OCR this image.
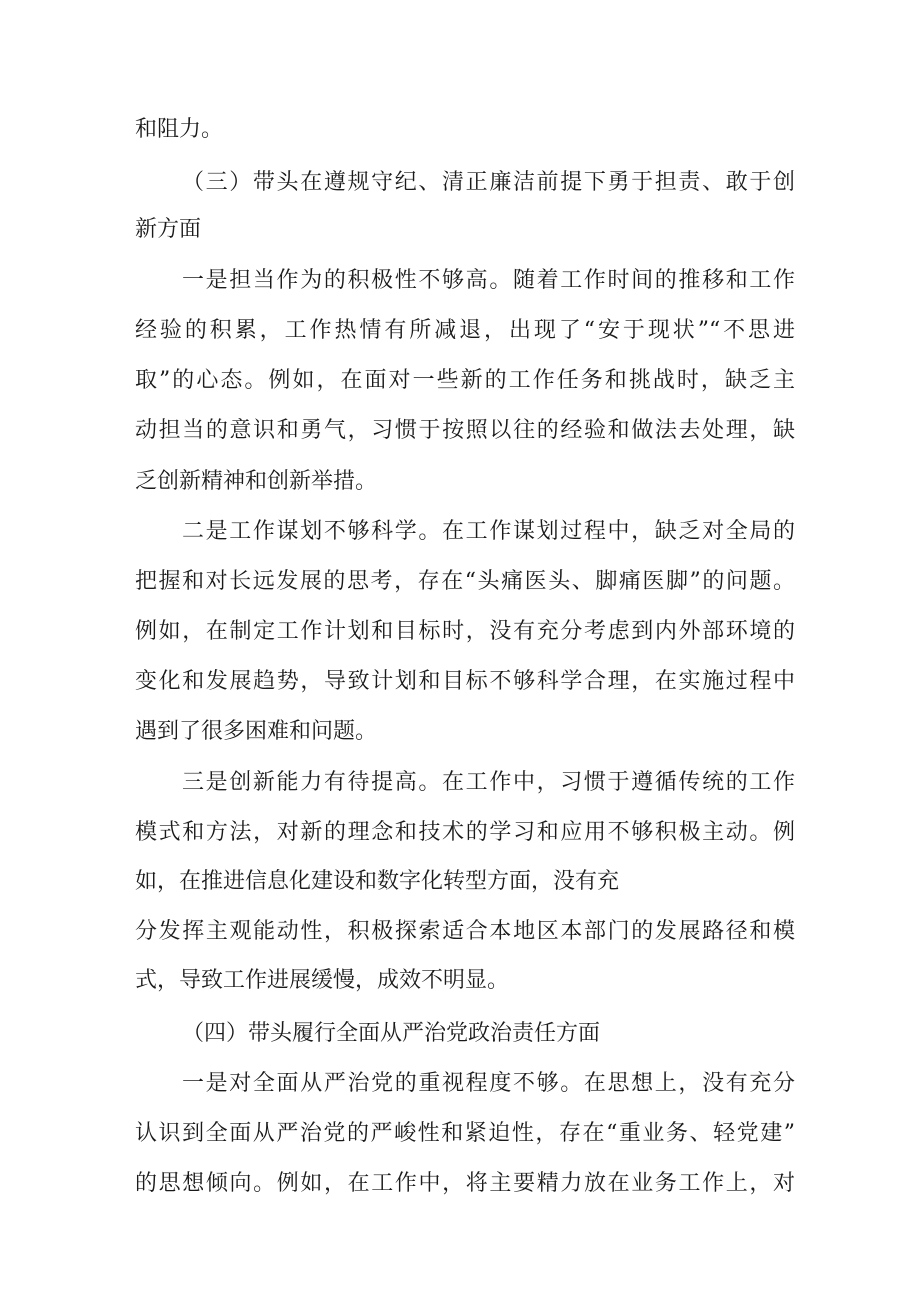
和阻力。
（三）带头在遵规守纪、清正廉洁前提下勇于担责、敢于创
新方面
一是担当作为的积极性不够高。随着工作时间的推移和工作
经验的积累，工作热情有所减退，出现了“安于现状”“不思进
取”的心态。例如，在面对一些新的工作任务和挑战时，缺乏主
动担当的意识和勇气，习惯于按照以往的经验和做法去处理，缺
乏创新精神和创新举措。
二是工作谋划不够科学。在工作谋划过程中，缺乏对全局的
把握和对长远发展的思考，存在“头痛医头、脚痛医脚”的问题。
例如，在制定工作计划和目标时，没有充分考虑到内外部环境的
变化和发展趋势，导致计划和目标不够科学合理，在实施过程中
遇到了很多困难和问题。
三是创新能力有待提高。在工作中，习惯于遵循传统的工作
模式和方法，对新的理念和技术的学习和应用不够积极主动。例
如，在推进信息化建设和数字化转型方面，没有充
分发挥主观能动性，积极探索适合本地区本部门的发展路径和模
式，导致工作进展缓慢，成效不明显。
（四）带头履行全面从严治党政治责任方面
一是对全面从严治党的重视程度不够。在思想上，没有充分
认识到全面从严治党的严峻性和紧迫性，存在“重业务、轻党建”
的思想倾向。例如，在工作中，将主要精力放在业务工作上，对
